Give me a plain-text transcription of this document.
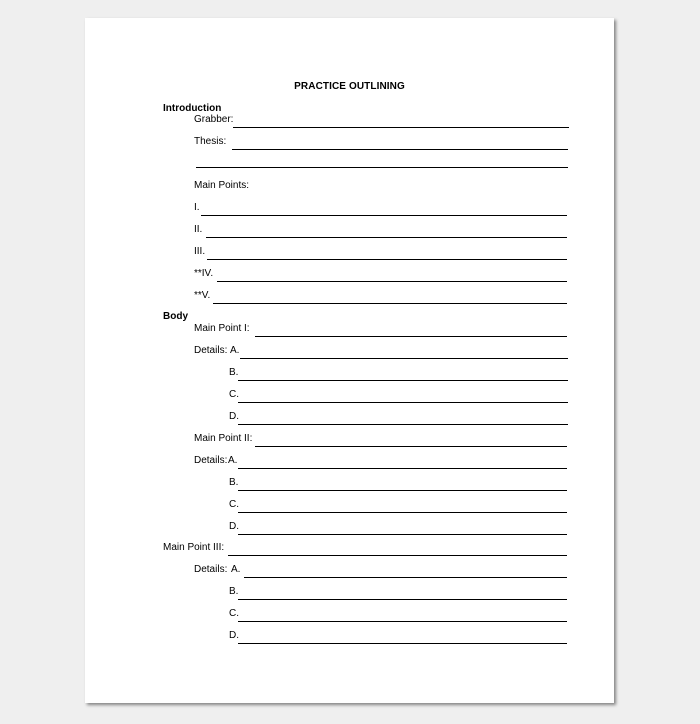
PRACTICE OUTLINING
Introduction
Grabber:
Thesis:
Main Points:
I.
II.
III.
**IV.
**V.
Body
Main Point I:
Details: A.
B.
C.
D.
Main Point II:
Details: A.
B.
C.
D.
Main Point III:
Details: A.
B.
C.
D.
